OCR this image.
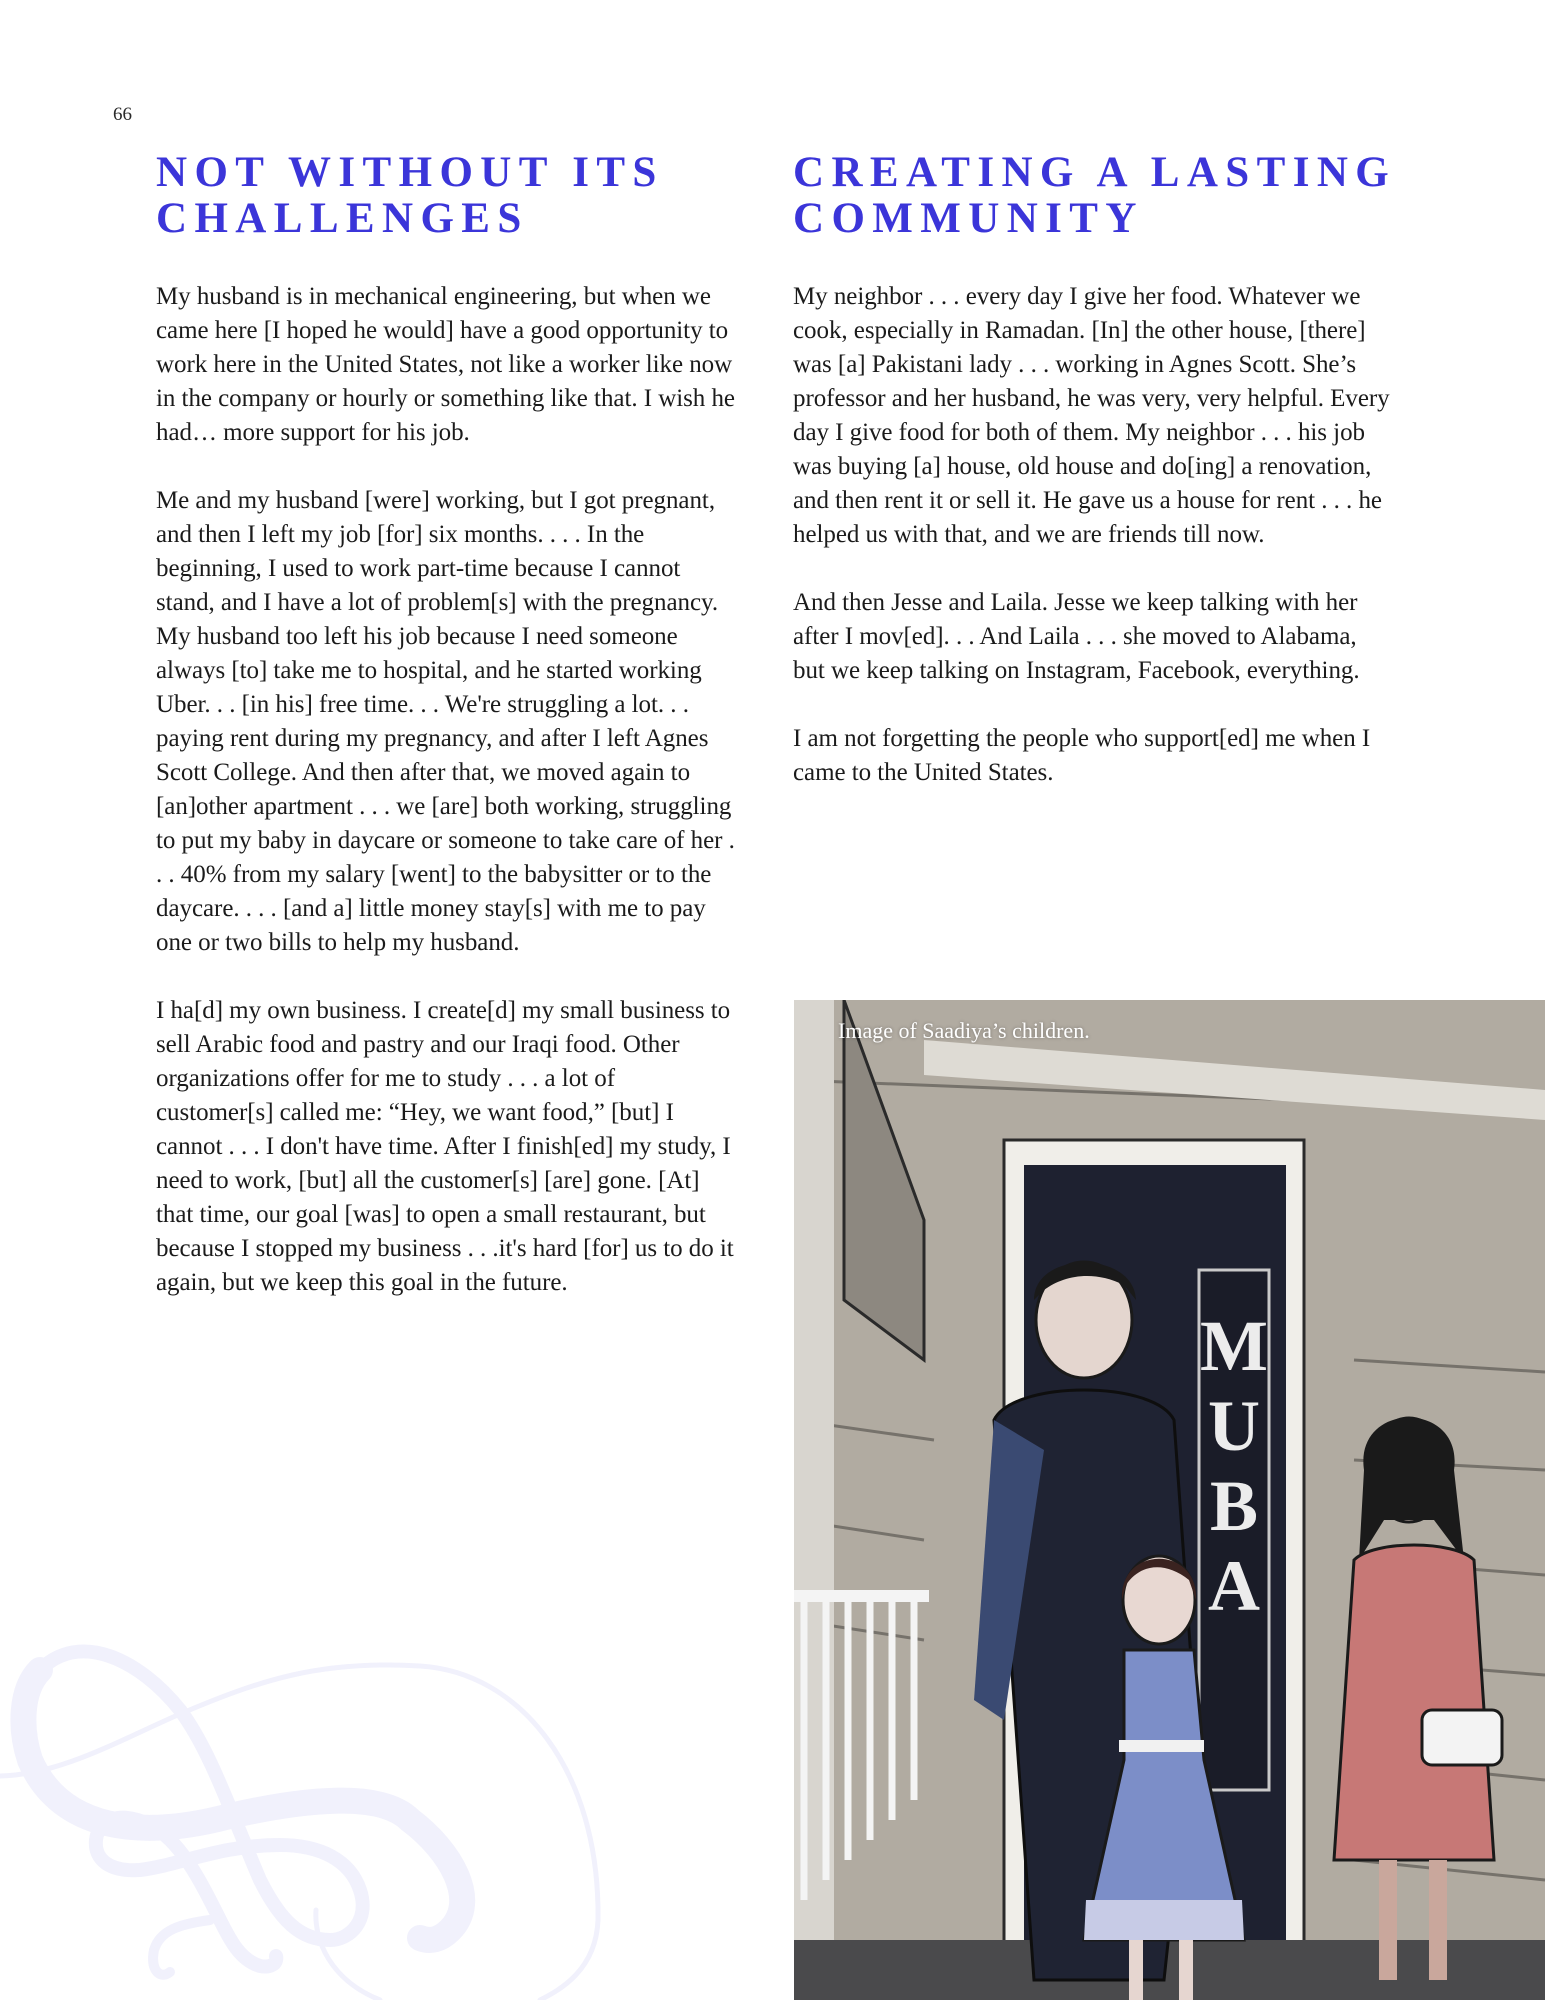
66
NOT WITHOUT ITS
CHALLENGES

My husband is in mechanical engineering, but when we came here [I hoped he would] have a good opportunity to work here in the United States, not like a worker like now in the company or hourly or something like that. I wish he had… more support for his job.

Me and my husband [were] working, but I got pregnant, and then I left my job [for] six months. . . . In the beginning, I used to work part-time because I cannot stand, and I have a lot of problem[s] with the pregnancy. My husband too left his job because I need someone always [to] take me to hospital, and he started working Uber. . . [in his] free time. . . We're struggling a lot. . . paying rent during my pregnancy, and after I left Agnes Scott College. And then after that, we moved again to [an]other apartment . . . we [are] both working, struggling to put my baby in daycare or someone to take care of her . . . 40% from my salary [went] to the babysitter or to the daycare. . . . [and a] little money stay[s] with me to pay one or two bills to help my husband.

I ha[d] my own business. I create[d] my small business to sell Arabic food and pastry and our Iraqi food. Other organizations offer for me to study . . . a lot of customer[s] called me: “Hey, we want food,” [but] I cannot . . . I don't have time. After I finish[ed] my study, I need to work, [but] all the customer[s] [are] gone. [At] that time, our goal [was] to open a small restaurant, but because I stopped my business . . .it's hard [for] us to do it again, but we keep this goal in the future.

CREATING A LASTING
COMMUNITY

My neighbor . . . every day I give her food. Whatever we cook, especially in Ramadan. [In] the other house, [there] was [a] Pakistani lady . . . working in Agnes Scott. She’s professor and her husband, he was very, very helpful. Every day I give food for both of them. My neighbor . . . his job was buying [a] house, old house and do[ing] a renovation, and then rent it or sell it. He gave us a house for rent . . . he helped us with that, and we are friends till now.

And then Jesse and Laila. Jesse we keep talking with her after I mov[ed]. . . And Laila . . . she moved to Alabama, but we keep talking on Instagram, Facebook, everything.

I am not forgetting the people who support[ed] me when I came to the United States.

M
U
B
A
Image of Saadiya’s children.
